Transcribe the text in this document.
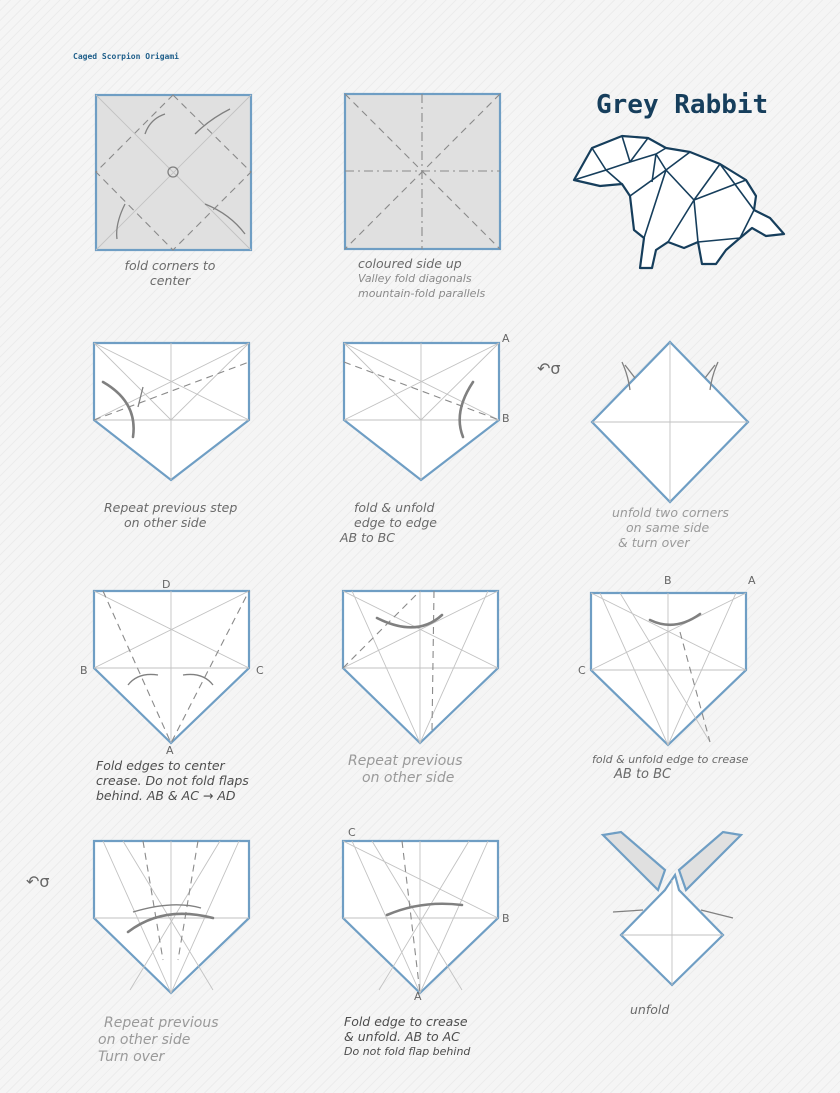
Caged Scorpion Origami
Grey Rabbit
fold corners to
center
coloured side up
Valley fold diagonals
mountain-fold parallels
Repeat previous step
on other side
A
B
fold & unfold
edge to edge
AB to BC
↶σ
unfold two corners
on same side
& turn over
D
B	C
A
Fold edges to center
crease. Do not fold flaps
behind. AB & AC → AD
Repeat previous
on other side
B	A
C
fold & unfold edge to crease
AB to BC
↶σ
Repeat previous
on other side
Turn over
C
B
A
Fold edge to crease
& unfold. AB to AC
Do not fold flap behind
unfold
